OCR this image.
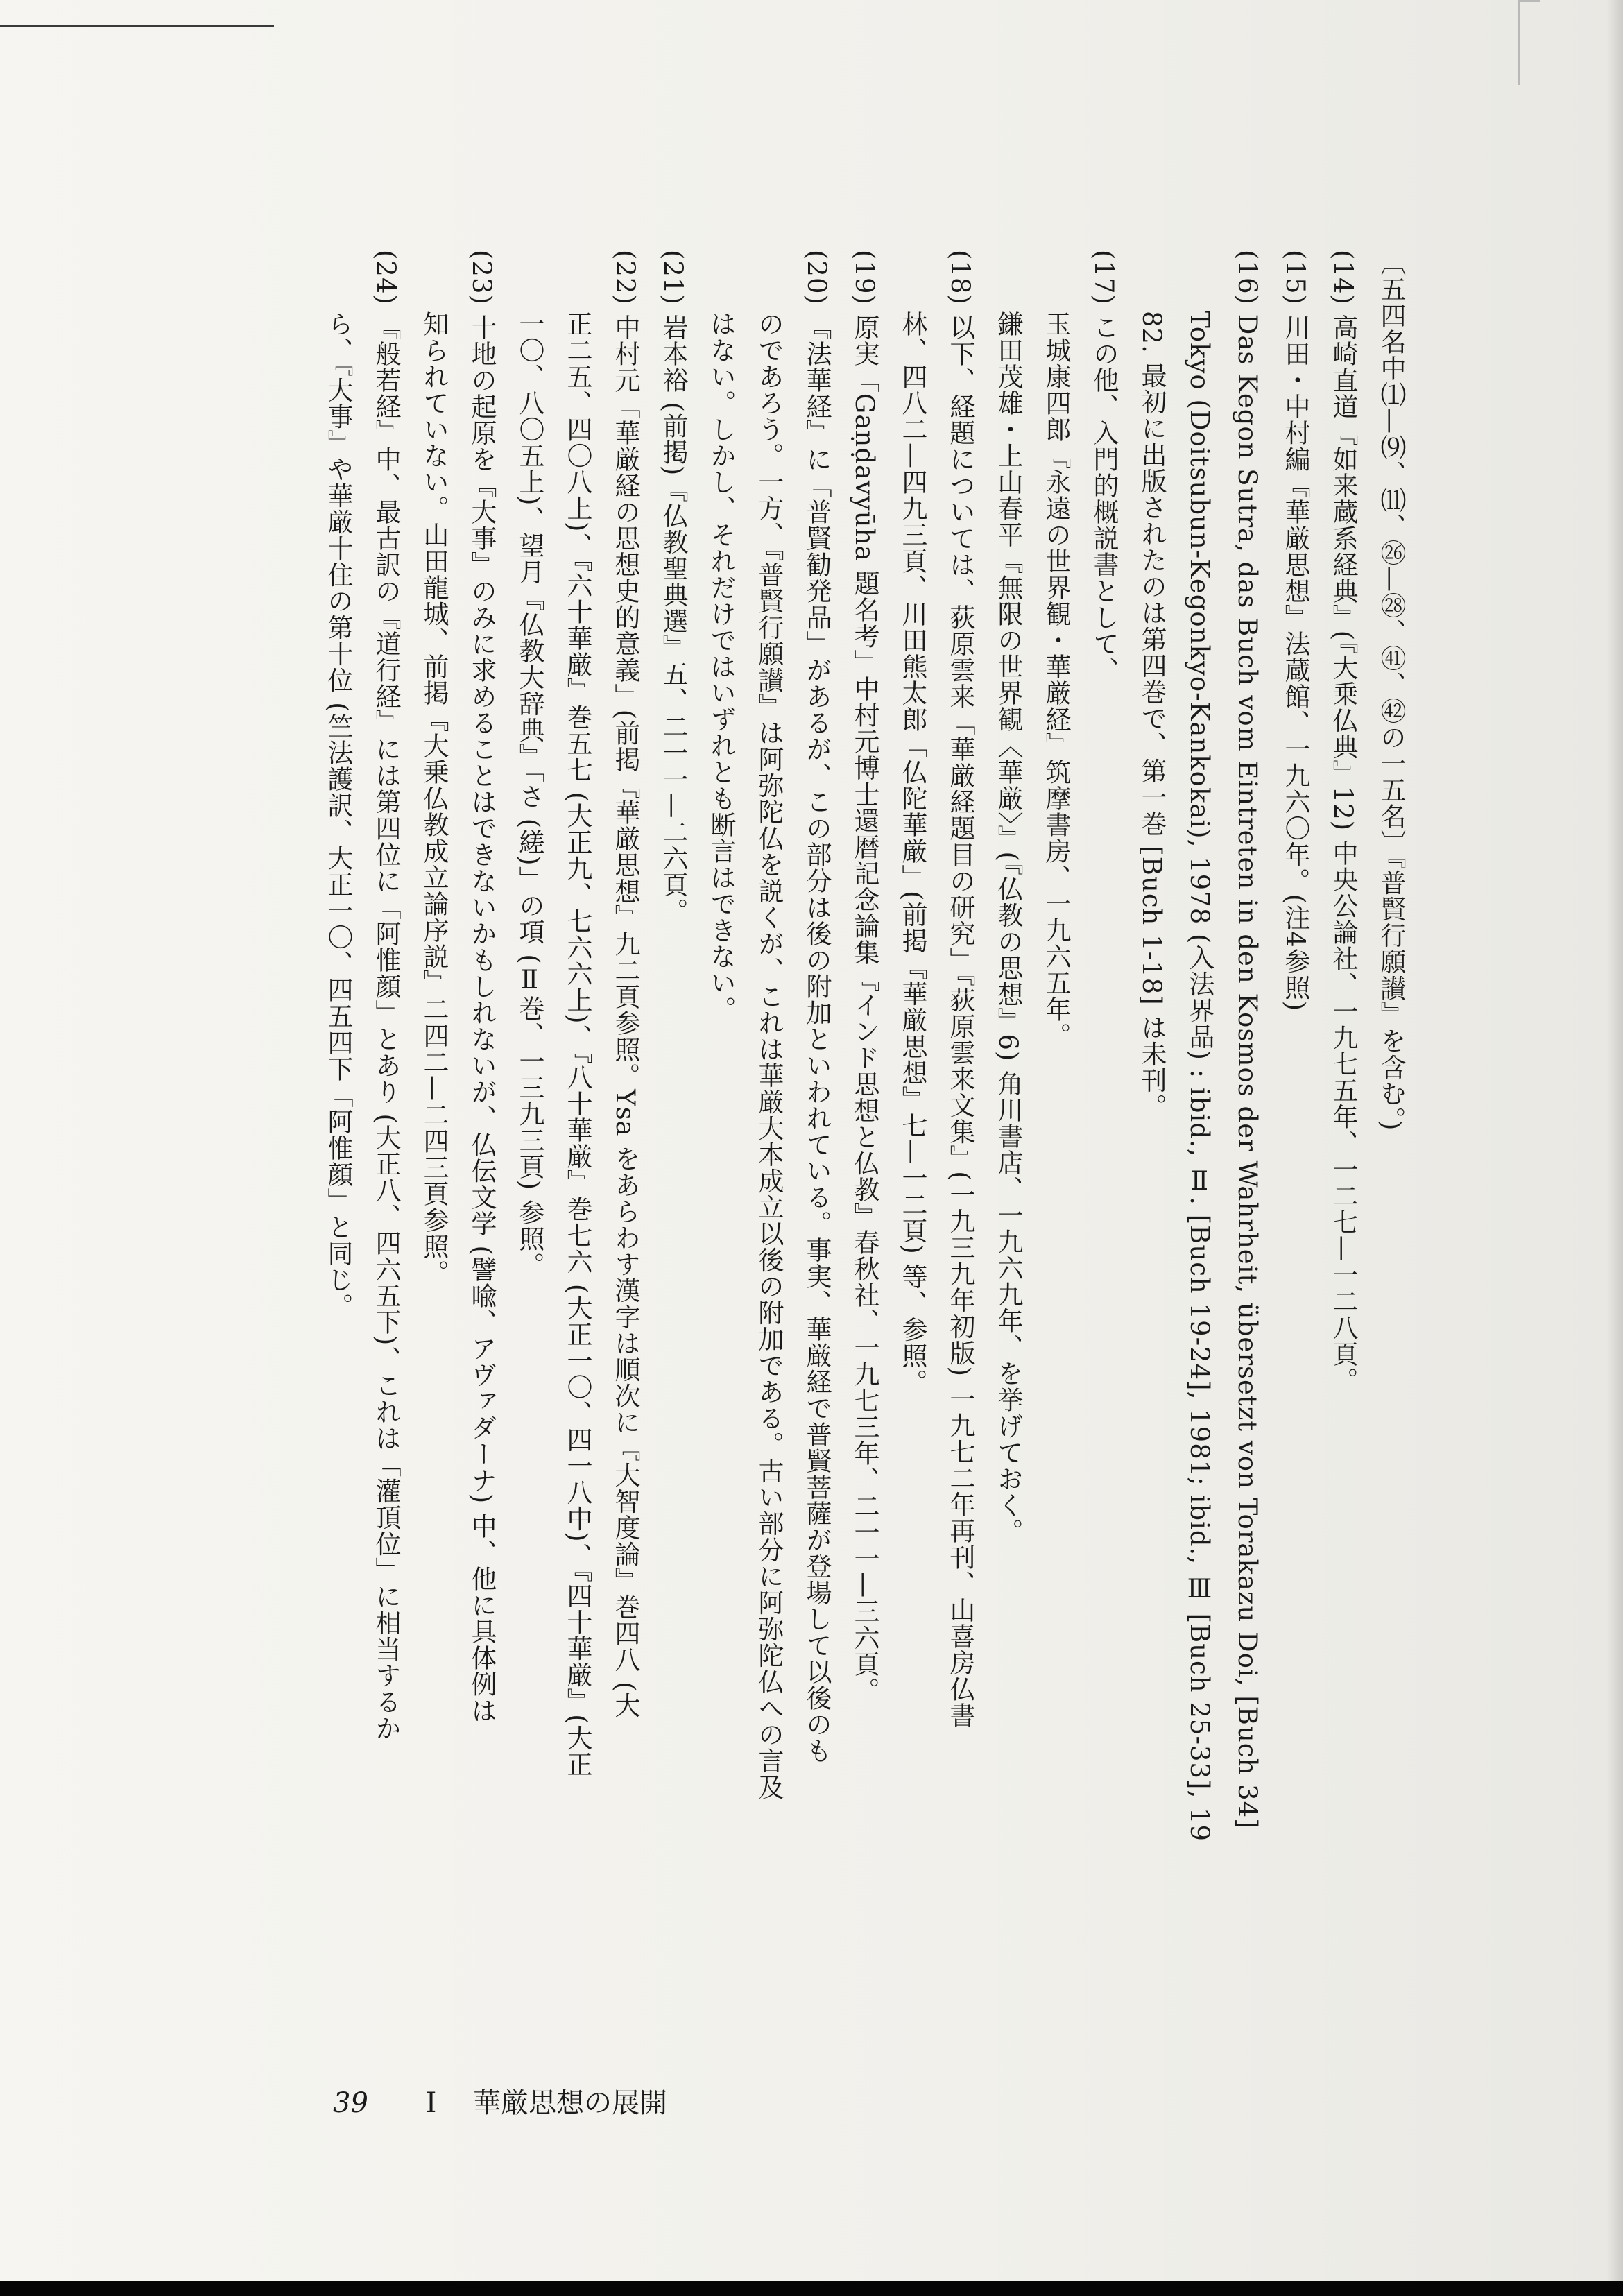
〔五四名中⑴—⑼、⑾、㉖—㉘、㊶、㊷の一五名〕『普賢行願讃』を含む。)

(14) 高崎直道『如来蔵系経典』(『大乗仏典』12) 中央公論社、一九七五年、一二七—一二八頁。

(15) 川田・中村編『華厳思想』法蔵館、一九六〇年。(注4参照)

(16) Das Kegon Sutra, das Buch vom Eintreten in den Kosmos der Wahrheit, übersetzt von Torakazu Doi, [Buch 34]

Tokyo (Doitsubun-Kegonkyo-Kankokai), 1978 (入法界品) : ibid., Ⅱ. [Buch 19-24], 1981; ibid., Ⅲ [Buch 25-33], 19

82. 最初に出版されたのは第四巻で、第一巻 [Buch 1-18] は未刊。

(17) この他、入門的概説書として、

玉城康四郎『永遠の世界観・華厳経』筑摩書房、一九六五年。

鎌田茂雄・上山春平『無限の世界観〈華厳〉』(『仏教の思想』6) 角川書店、一九六九年、を挙げておく。

(18) 以下、経題については、荻原雲来「華厳経題目の研究」『荻原雲来文集』(一九三九年初版) 一九七二年再刊、山喜房仏書

林、四八二—四九三頁、川田熊太郎「仏陀華厳」(前掲『華厳思想』七—一二頁) 等、参照。

(19) 原実「Gaṇḍavyūha 題名考」中村元博士還暦記念論集『インド思想と仏教』春秋社、一九七三年、二一一—三六頁。

(20) 『法華経』に「普賢勧発品」があるが、この部分は後の附加といわれている。事実、華厳経で普賢菩薩が登場して以後のも

のであろう。一方、『普賢行願讃』は阿弥陀仏を説くが、これは華厳大本成立以後の附加である。古い部分に阿弥陀仏への言及

はない。しかし、それだけではいずれとも断言はできない。

(21) 岩本裕 (前掲)『仏教聖典選』五、二一一—二六頁。

(22) 中村元「華厳経の思想史的意義」(前掲『華厳思想』九二頁参照。Ysa をあらわす漢字は順次に『大智度論』巻四八 (大

正二五、四〇八上)、『六十華厳』巻五七 (大正九、七六六上)、『八十華厳』巻七六 (大正一〇、四一八中)、『四十華厳』(大正

一〇、八〇五上)、望月『仏教大辞典』「さ (縒)」の項 (Ⅱ巻、一三九三頁) 参照。

(23) 十地の起原を『大事』のみに求めることはできないかもしれないが、仏伝文学 (譬喩、アヴァダーナ) 中、他に具体例は

知られていない。山田龍城、前掲『大乗仏教成立論序説』二四二—二四三頁参照。

(24) 『般若経』中、最古訳の『道行経』には第四位に「阿惟顔」とあり (大正八、四六五下)、これは「灌頂位」に相当するか

ら、『大事』や華厳十住の第十位 (竺法護訳、大正一〇、四五四下「阿惟顔」と同じ。

39 I 華厳思想の展開
